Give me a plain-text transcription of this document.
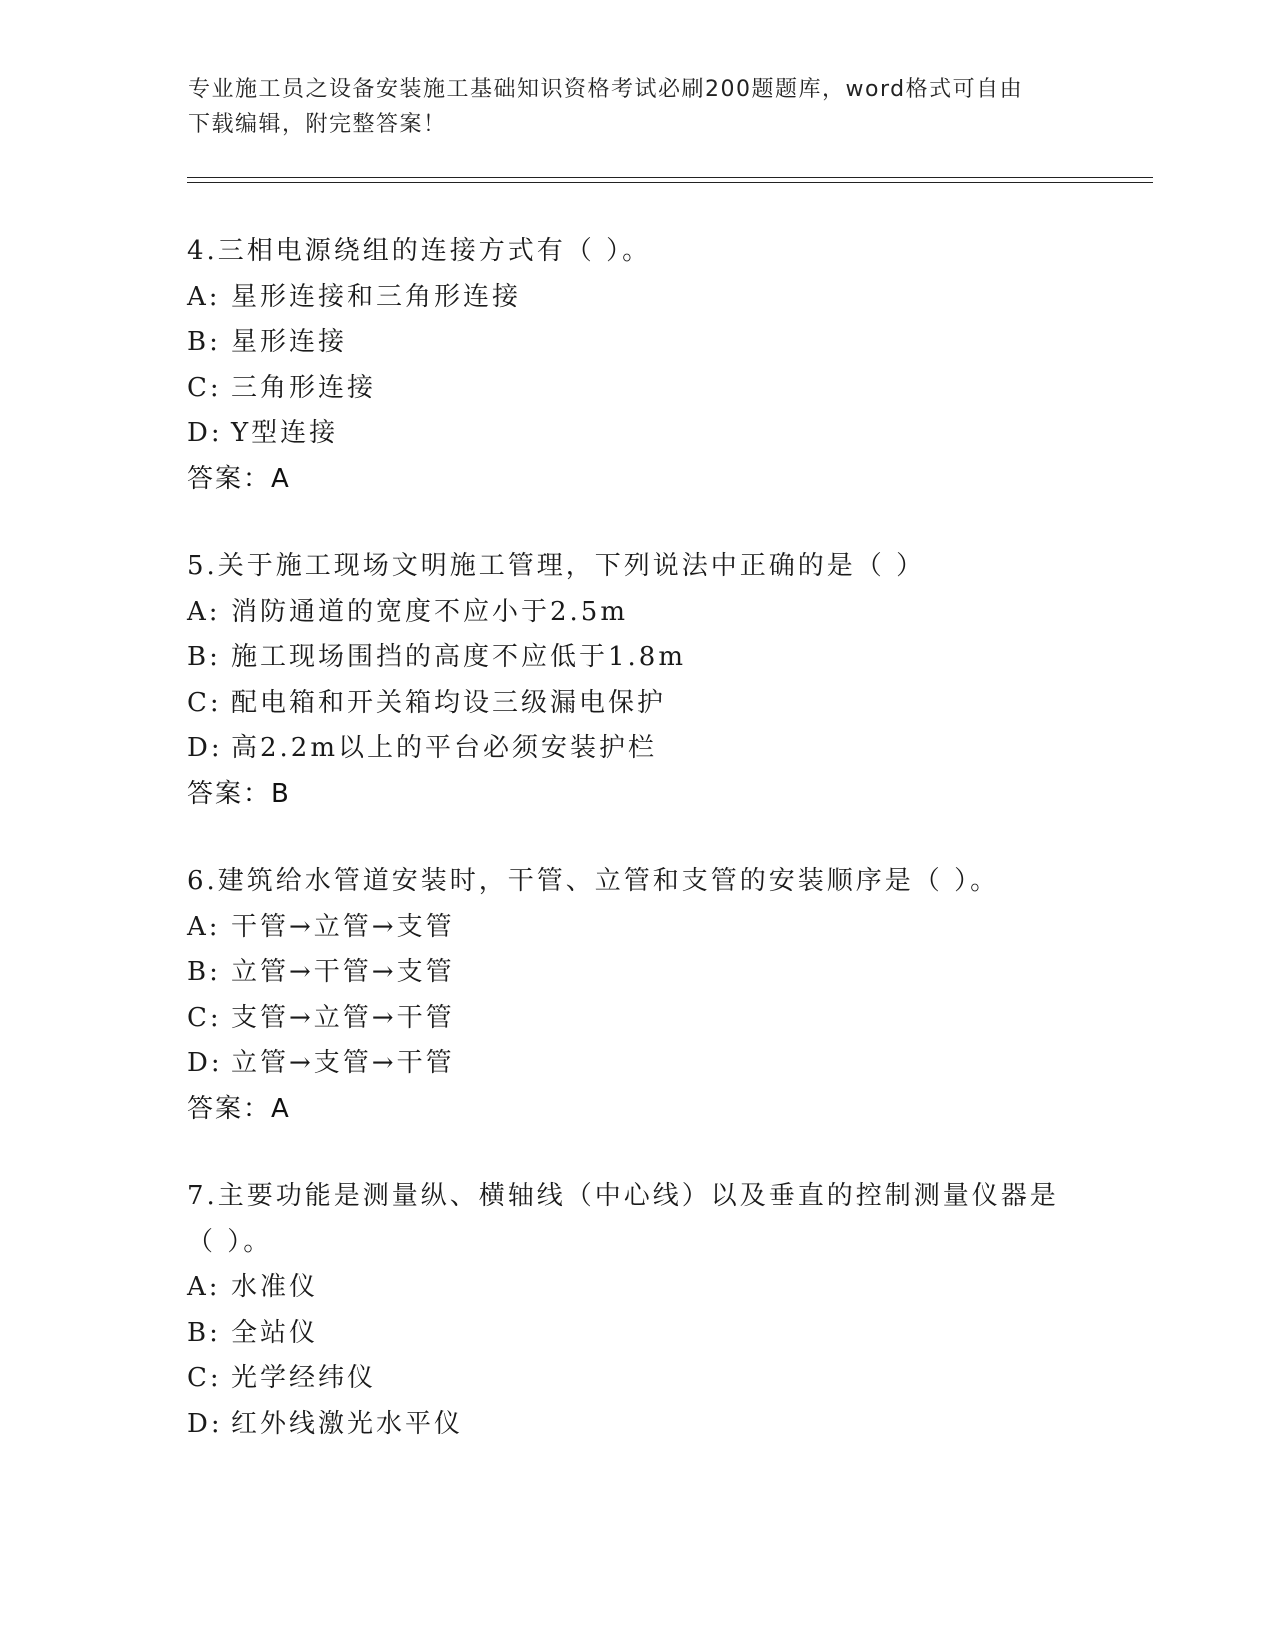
专业施工员之设备安装施工基础知识资格考试必刷200题题库，word格式可自由
下载编辑，附完整答案！
4.三相电源绕组的连接方式有（ ）。
A: 星形连接和三角形连接
B: 星形连接
C: 三角形连接
D: Y型连接
答案：A
5.关于施工现场文明施工管理，下列说法中正确的是（ ）
A: 消防通道的宽度不应小于2.5m
B: 施工现场围挡的高度不应低于1.8m
C: 配电箱和开关箱均设三级漏电保护
D: 高2.2m以上的平台必须安装护栏
答案：B
6.建筑给水管道安装时，干管、立管和支管的安装顺序是（ ）。
A: 干管→立管→支管
B: 立管→干管→支管
C: 支管→立管→干管
D: 立管→支管→干管
答案：A
7.主要功能是测量纵、横轴线（中心线）以及垂直的控制测量仪器是
（ ）。
A: 水准仪
B: 全站仪
C: 光学经纬仪
D: 红外线激光水平仪
